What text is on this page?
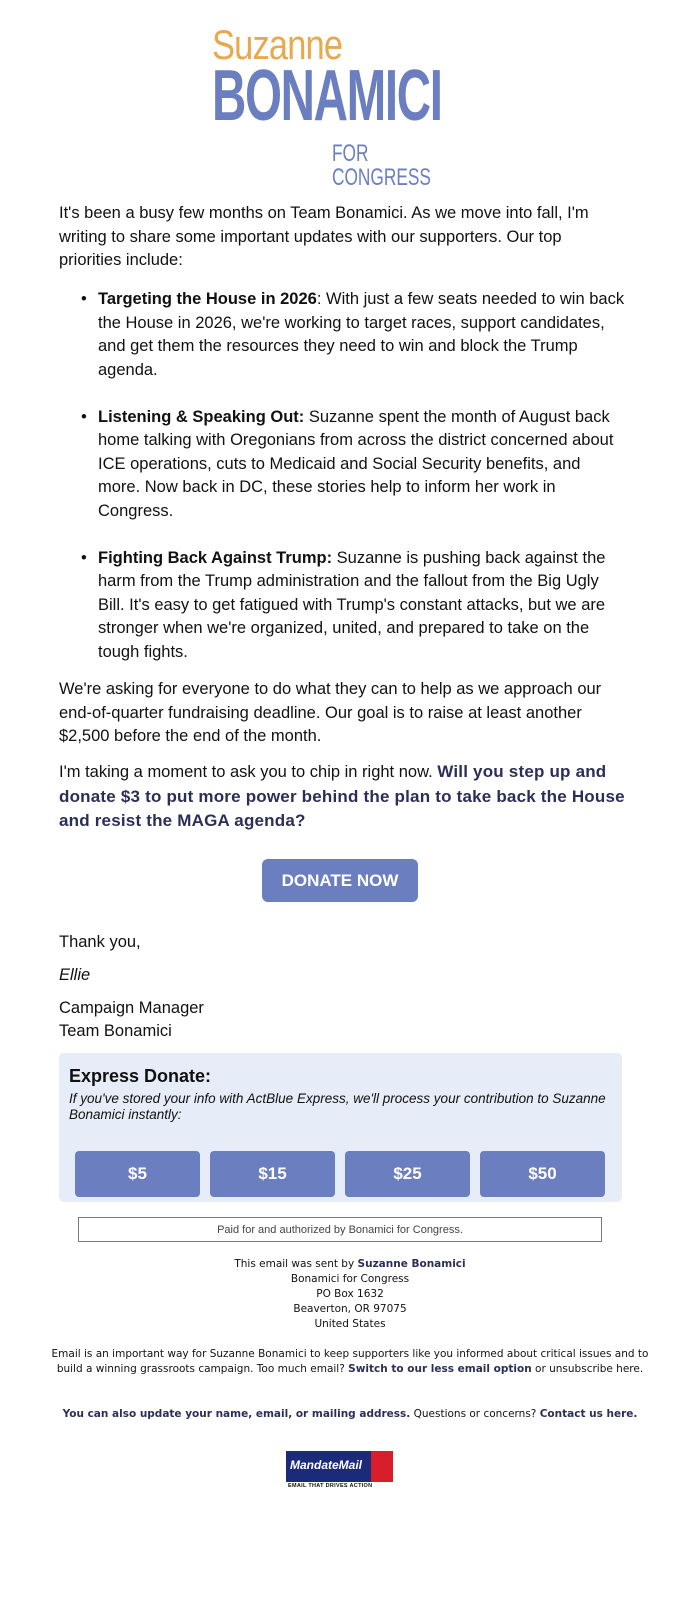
Suzanne
BONAMICI
FOR CONGRESS
It's been a busy few months on Team Bonamici. As we move into fall, I'm writing to share some important updates with our supporters. Our top priorities include:
• Targeting the House in 2026: With just a few seats needed to win back the House in 2026, we're working to target races, support candidates, and get them the resources they need to win and block the Trump agenda.
• Listening & Speaking Out: Suzanne spent the month of August back home talking with Oregonians from across the district concerned about ICE operations, cuts to Medicaid and Social Security benefits, and more. Now back in DC, these stories help to inform her work in Congress.
• Fighting Back Against Trump: Suzanne is pushing back against the harm from the Trump administration and the fallout from the Big Ugly Bill. It's easy to get fatigued with Trump's constant attacks, but we are stronger when we're organized, united, and prepared to take on the tough fights.
We're asking for everyone to do what they can to help as we approach our end-of-quarter fundraising deadline. Our goal is to raise at least another $2,500 before the end of the month.
I'm taking a moment to ask you to chip in right now. Will you step up and donate $3 to put more power behind the plan to take back the House and resist the MAGA agenda?
DONATE NOW
Thank you,
Ellie
Campaign Manager
Team Bonamici
Express Donate:
If you've stored your info with ActBlue Express, we'll process your contribution to Suzanne Bonamici instantly:
$5	$15	$25	$50
Paid for and authorized by Bonamici for Congress.
This email was sent by Suzanne Bonamici
Bonamici for Congress
PO Box 1632
Beaverton, OR 97075
United States
Email is an important way for Suzanne Bonamici to keep supporters like you informed about critical issues and to build a winning grassroots campaign. Too much email? Switch to our less email option or unsubscribe here.
You can also update your name, email, or mailing address. Questions or concerns? Contact us here.
MandateMail
EMAIL THAT DRIVES ACTION
